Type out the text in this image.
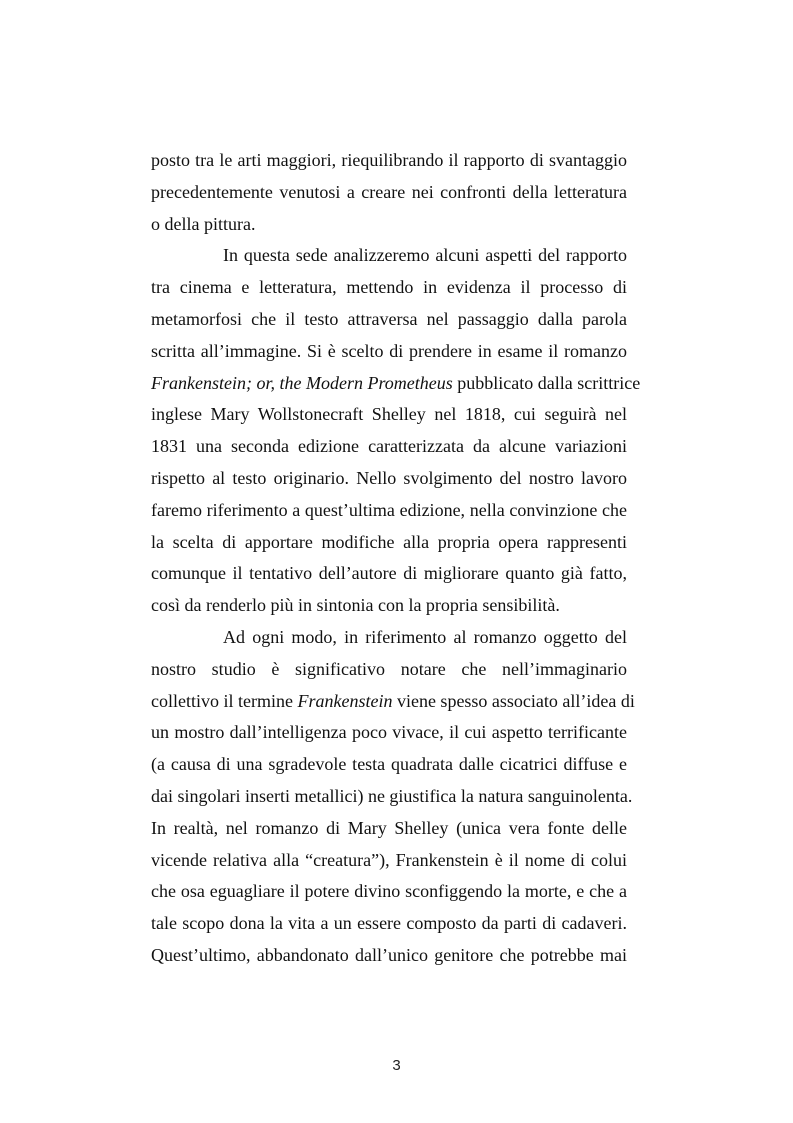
posto tra le arti maggiori, riequilibrando il rapporto di svantaggio
precedentemente venutosi a creare nei confronti della letteratura
o della pittura.
In questa sede analizzeremo alcuni aspetti del rapporto
tra cinema e letteratura, mettendo in evidenza il processo di
metamorfosi che il testo attraversa nel passaggio dalla parola
scritta all’immagine. Si è scelto di prendere in esame il romanzo
Frankenstein; or, the Modern Prometheus pubblicato dalla scrittrice
inglese Mary Wollstonecraft Shelley nel 1818, cui seguirà nel
1831 una seconda edizione caratterizzata da alcune variazioni
rispetto al testo originario. Nello svolgimento del nostro lavoro
faremo riferimento a quest’ultima edizione, nella convinzione che
la scelta di apportare modifiche alla propria opera rappresenti
comunque il tentativo dell’autore di migliorare quanto già fatto,
così da renderlo più in sintonia con la propria sensibilità.
Ad ogni modo, in riferimento al romanzo oggetto del
nostro studio è significativo notare che nell’immaginario
collettivo il termine Frankenstein viene spesso associato all’idea di
un mostro dall’intelligenza poco vivace, il cui aspetto terrificante
(a causa di una sgradevole testa quadrata dalle cicatrici diffuse e
dai singolari inserti metallici) ne giustifica la natura sanguinolenta.
In realtà, nel romanzo di Mary Shelley (unica vera fonte delle
vicende relativa alla “creatura”), Frankenstein è il nome di colui
che osa eguagliare il potere divino sconfiggendo la morte, e che a
tale scopo dona la vita a un essere composto da parti di cadaveri.
Quest’ultimo, abbandonato dall’unico genitore che potrebbe mai
3
